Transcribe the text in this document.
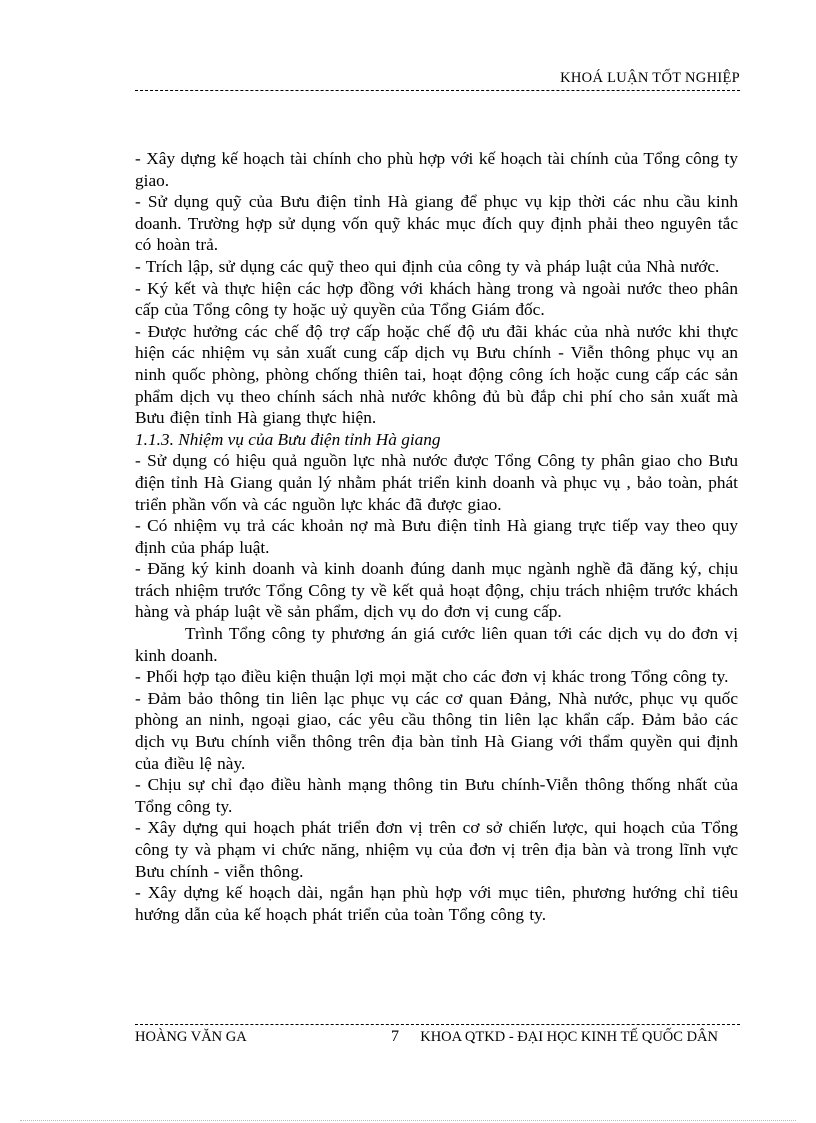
KHOÁ LUẬN TỐT NGHIỆP

- Xây dựng kế hoạch tài chính cho phù hợp với kế hoạch tài chính của Tổng công ty giao.

- Sử dụng quỹ của Bưu điện tỉnh Hà giang để phục vụ kịp thời các nhu cầu kinh doanh. Trường hợp sử dụng vốn quỹ khác mục đích quy định phải theo nguyên tắc có hoàn trả.

- Trích lập, sử dụng các quỹ theo qui định của công ty và pháp luật của Nhà nước.

- Ký kết và thực hiện các hợp đồng với khách hàng trong và ngoài nước theo phân cấp của Tổng công ty hoặc uỷ quyền của Tổng Giám đốc.

- Được hưởng các chế độ trợ cấp hoặc chế độ ưu đãi khác của nhà nước khi thực hiện các nhiệm vụ sản xuất cung cấp dịch vụ Bưu chính - Viễn thông phục vụ an ninh quốc phòng, phòng chống thiên tai, hoạt động công ích hoặc cung cấp các sản phẩm dịch vụ theo chính sách nhà nước không đủ bù đắp chi phí cho sản xuất mà Bưu điện tỉnh Hà giang thực hiện.

1.1.3. Nhiệm vụ của Bưu điện tỉnh Hà giang

- Sử dụng có hiệu quả nguồn lực nhà nước được Tổng Công ty phân giao cho Bưu điện tỉnh Hà Giang quản lý nhằm phát triển kinh doanh và phục vụ , bảo toàn, phát triển phần vốn và các nguồn lực khác đã được giao.

- Có nhiệm vụ trả các khoản nợ mà Bưu điện tỉnh Hà giang trực tiếp vay theo quy định của pháp luật.

- Đăng ký kinh doanh và kinh doanh đúng danh mục ngành nghề đã đăng ký, chịu trách nhiệm trước Tổng Công ty về kết quả hoạt động, chịu trách nhiệm trước khách hàng và pháp luật về sản phẩm, dịch vụ do đơn vị cung cấp.

Trình Tổng công ty phương án giá cước liên quan tới các dịch vụ do đơn vị kinh doanh.

- Phối hợp tạo điều kiện thuận lợi mọi mặt cho các đơn vị khác trong Tổng công ty.

- Đảm bảo thông tin liên lạc phục vụ các cơ quan Đảng, Nhà nước, phục vụ quốc phòng an ninh, ngoại giao, các yêu cầu thông tin liên lạc khẩn cấp. Đảm bảo các dịch vụ Bưu chính viễn thông trên địa bàn tỉnh Hà Giang với thẩm quyền qui định của điều lệ này.

- Chịu sự chỉ đạo điều hành mạng thông tin Bưu chính-Viễn thông thống nhất của Tổng công ty.

- Xây dựng qui hoạch phát triển đơn vị trên cơ sở chiến lược, qui hoạch của Tổng công ty và phạm vi chức năng, nhiệm vụ của đơn vị trên địa bàn và trong lĩnh vực Bưu chính - viễn thông.

- Xây dựng kế hoạch dài, ngắn hạn phù hợp với mục tiên, phương hướng chỉ tiêu hướng dẫn của kế hoạch phát triển của toàn Tổng công ty.

HOÀNG VĂN GA	7 KHOA QTKD - ĐẠI HỌC KINH TẾ QUỐC DÂN
